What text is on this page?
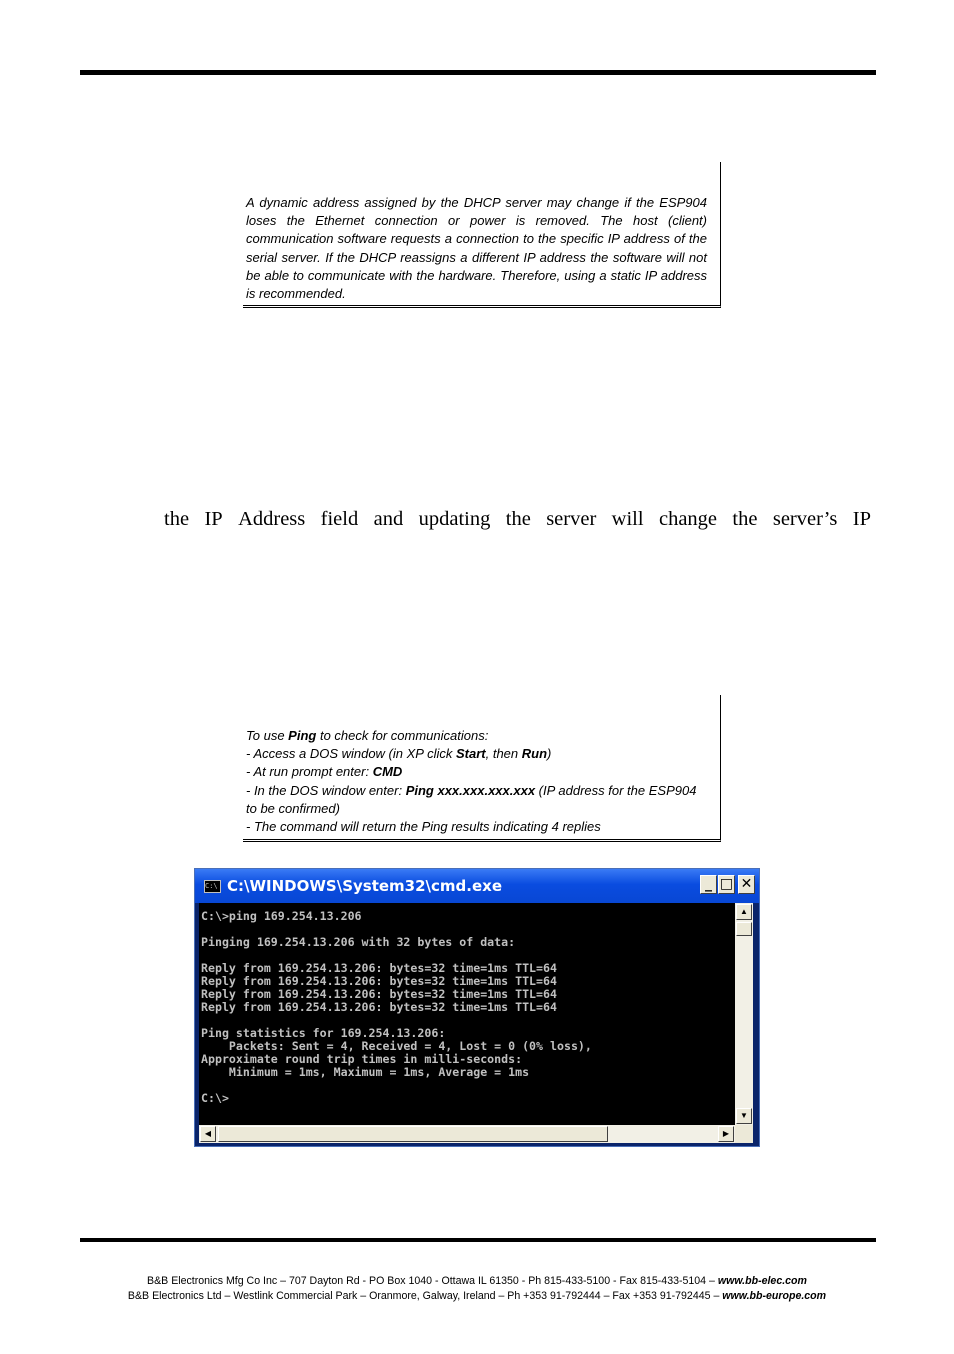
A dynamic address assigned by the DHCP server may change if the ESP904 loses the Ethernet connection or power is removed. The host (client) communication software requests a connection to the specific IP address of the serial server. If the DHCP reassigns a different IP address the software will not be able to communicate with the hardware. Therefore, using a static IP address is recommended.

the IP Address field and updating the server will change the server’s IP

To use Ping to check for communications:
- Access a DOS window (in XP click Start, then Run)
- At run prompt enter: CMD
- In the DOS window enter: Ping xxx.xxx.xxx.xxx (IP address for the ESP904 to be confirmed)
- The command will return the Ping results indicating 4 replies

C:\ C:\WINDOWS\System32\cmd.exe	_ □ ✕
C:\>ping 169.254.13.206

Pinging 169.254.13.206 with 32 bytes of data:

Reply from 169.254.13.206: bytes=32 time=1ms TTL=64
Reply from 169.254.13.206: bytes=32 time=1ms TTL=64
Reply from 169.254.13.206: bytes=32 time=1ms TTL=64
Reply from 169.254.13.206: bytes=32 time=1ms TTL=64

Ping statistics for 169.254.13.206:
Packets: Sent = 4, Received = 4, Lost = 0 (0% loss),
Approximate round trip times in milli-seconds:
Minimum = 1ms, Maximum = 1ms, Average = 1ms

C:\>
▲
▼
◀	▶
B&B Electronics Mfg Co Inc – 707 Dayton Rd - PO Box 1040 - Ottawa IL 61350 - Ph 815-433-5100 - Fax 815-433-5104 – www.bb-elec.com
B&B Electronics Ltd – Westlink Commercial Park – Oranmore, Galway, Ireland – Ph +353 91-792444 – Fax +353 91-792445 – www.bb-europe.com
